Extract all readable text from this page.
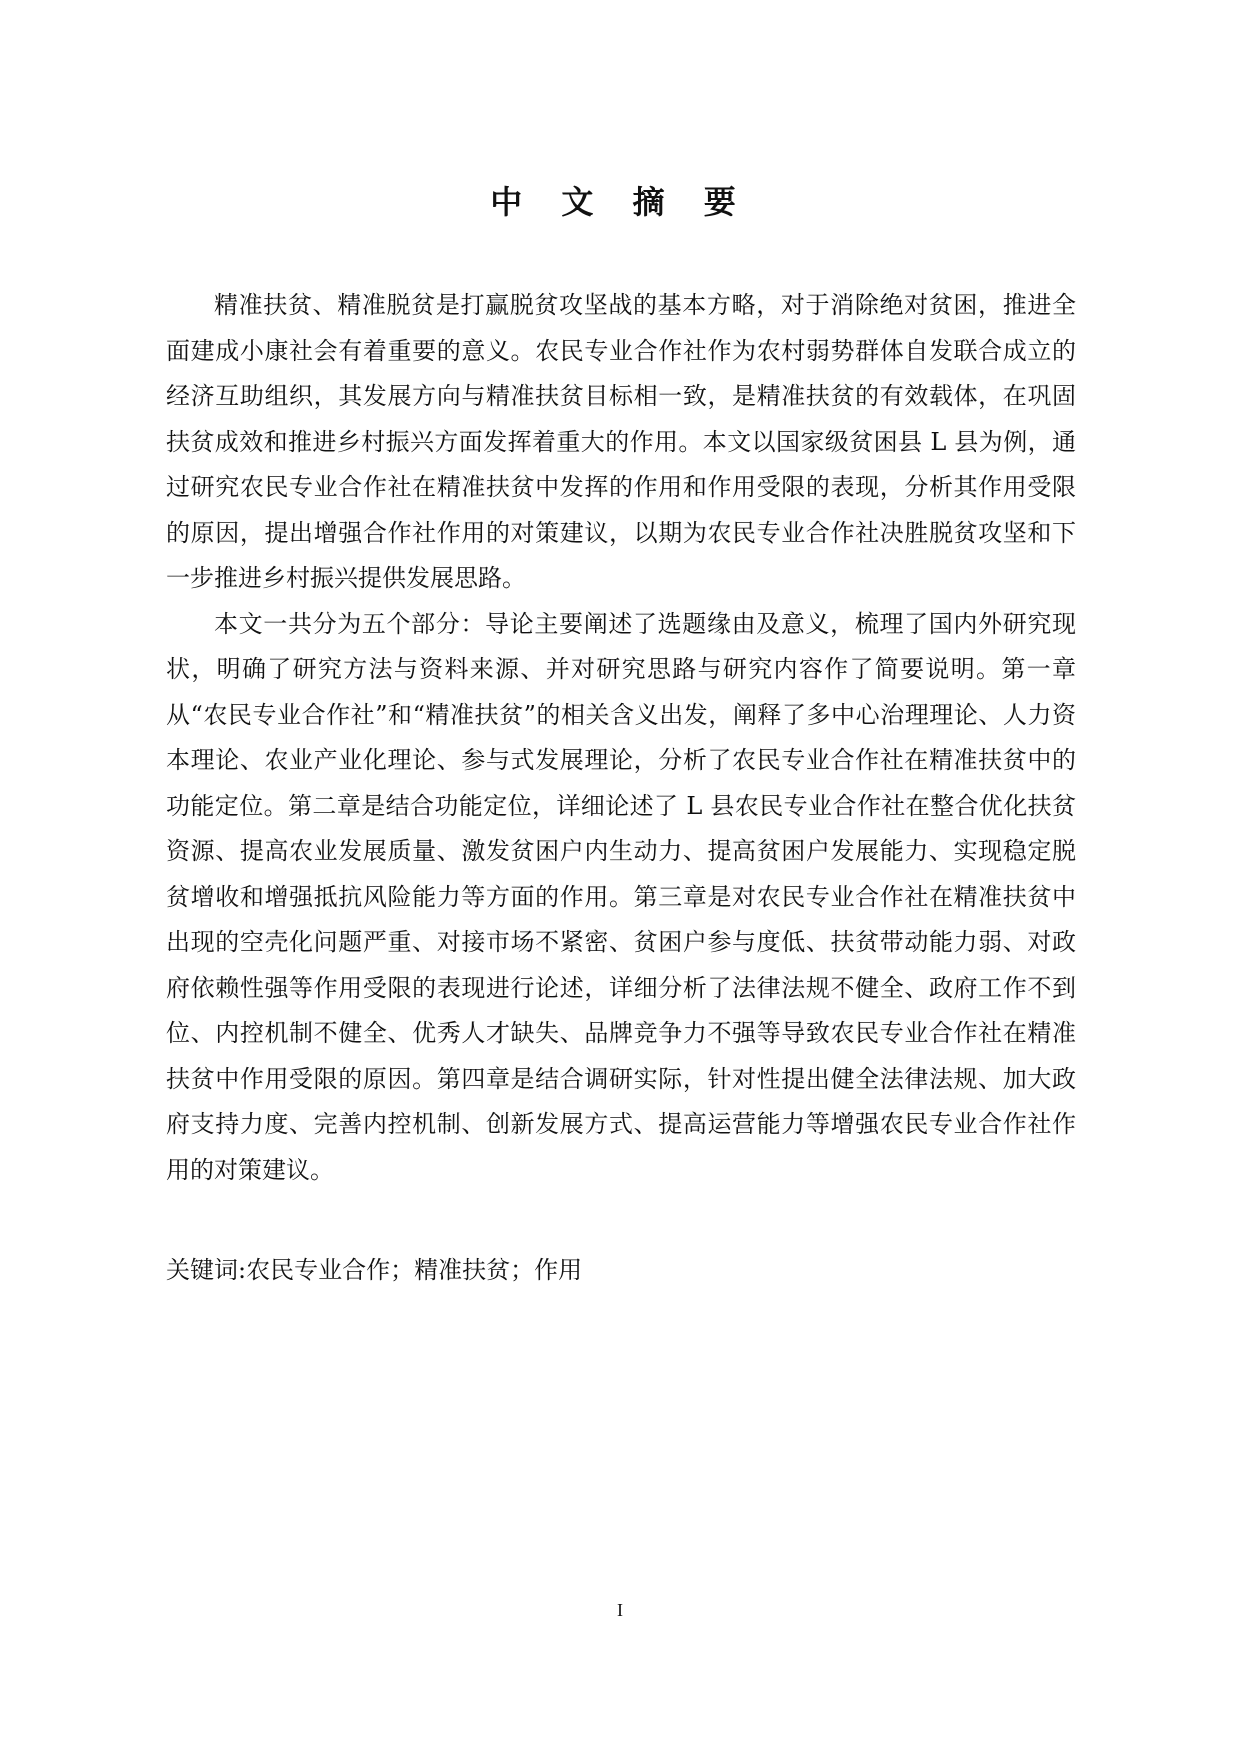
中 文 摘 要

精准扶贫、精准脱贫是打赢脱贫攻坚战的基本方略，对于消除绝对贫困，推进全面建成小康社会有着重要的意义。农民专业合作社作为农村弱势群体自发联合成立的经济互助组织，其发展方向与精准扶贫目标相一致，是精准扶贫的有效载体，在巩固扶贫成效和推进乡村振兴方面发挥着重大的作用。本文以国家级贫困县 L 县为例，通过研究农民专业合作社在精准扶贫中发挥的作用和作用受限的表现，分析其作用受限的原因，提出增强合作社作用的对策建议，以期为农民专业合作社决胜脱贫攻坚和下一步推进乡村振兴提供发展思路。

本文一共分为五个部分：导论主要阐述了选题缘由及意义，梳理了国内外研究现状，明确了研究方法与资料来源、并对研究思路与研究内容作了简要说明。第一章从“农民专业合作社”和“精准扶贫”的相关含义出发，阐释了多中心治理理论、人力资本理论、农业产业化理论、参与式发展理论，分析了农民专业合作社在精准扶贫中的功能定位。第二章是结合功能定位，详细论述了 L 县农民专业合作社在整合优化扶贫资源、提高农业发展质量、激发贫困户内生动力、提高贫困户发展能力、实现稳定脱贫增收和增强抵抗风险能力等方面的作用。第三章是对农民专业合作社在精准扶贫中出现的空壳化问题严重、对接市场不紧密、贫困户参与度低、扶贫带动能力弱、对政府依赖性强等作用受限的表现进行论述，详细分析了法律法规不健全、政府工作不到位、内控机制不健全、优秀人才缺失、品牌竞争力不强等导致农民专业合作社在精准扶贫中作用受限的原因。第四章是结合调研实际，针对性提出健全法律法规、加大政府支持力度、完善内控机制、创新发展方式、提高运营能力等增强农民专业合作社作用的对策建议。

关键词:农民专业合作；精准扶贫；作用
I
